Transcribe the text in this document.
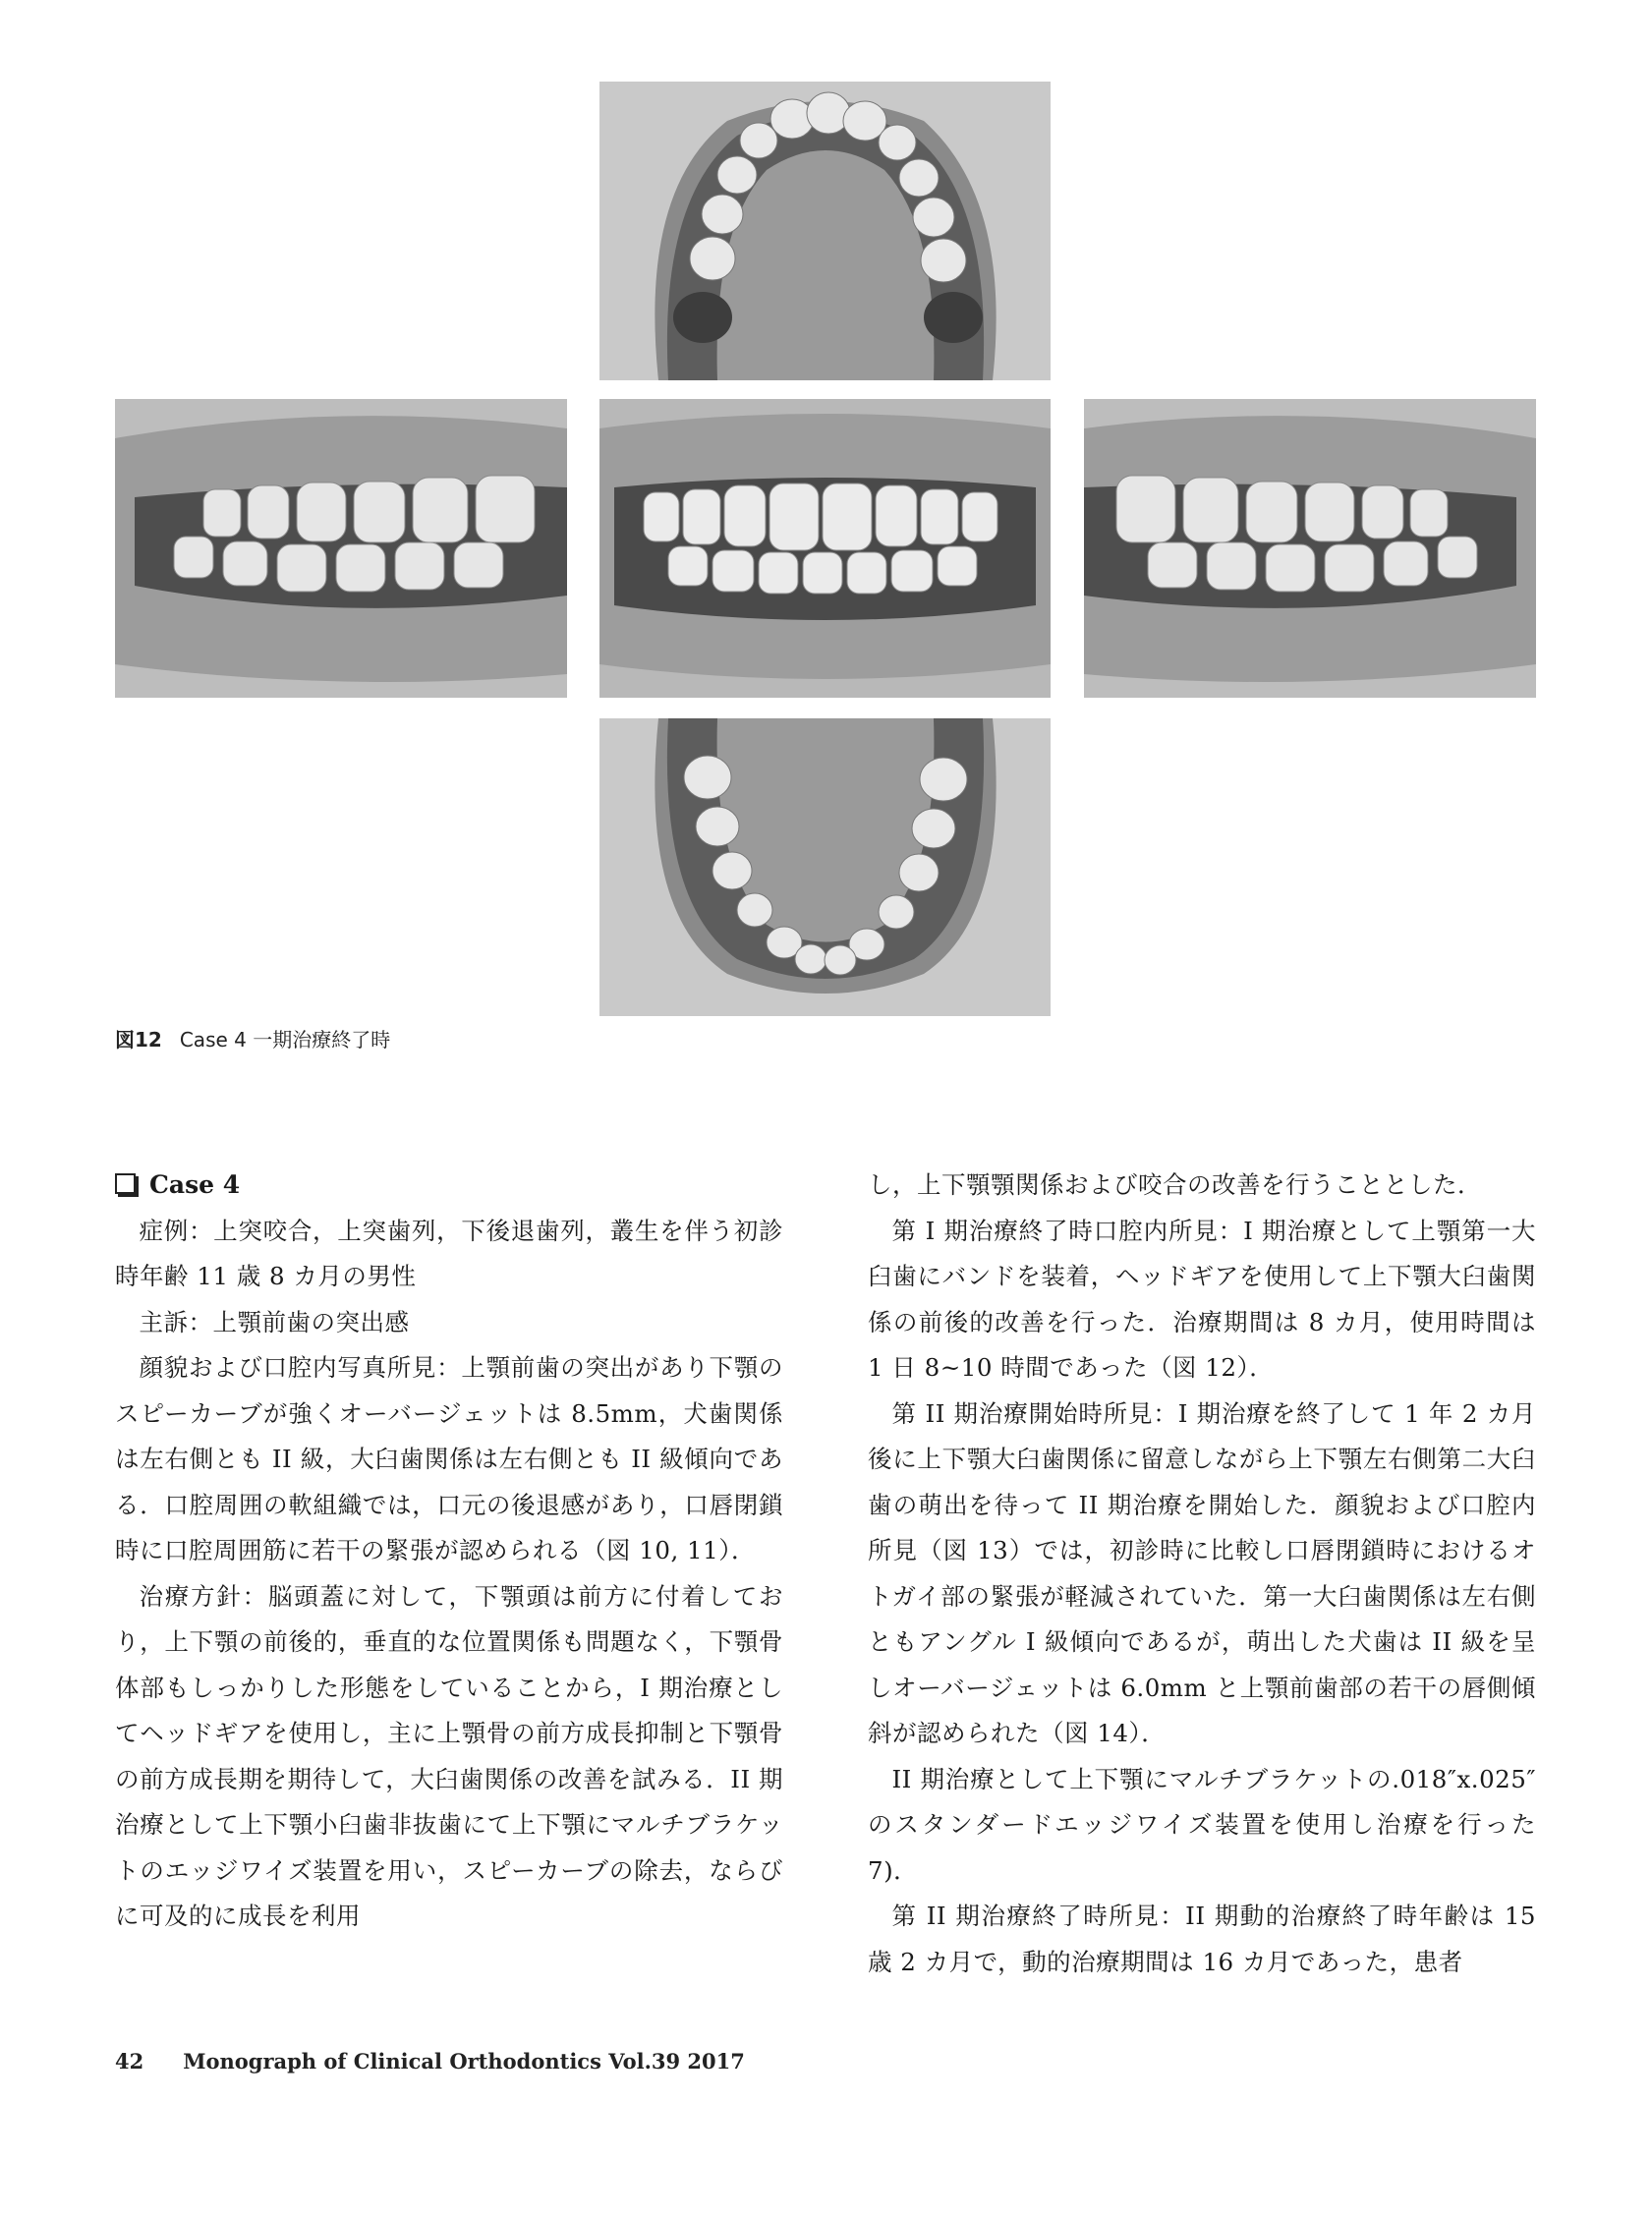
図12 Case 4 一期治療終了時
Case 4

症例：上突咬合，上突歯列，下後退歯列，叢生を伴う初診時年齢 11 歳 8 カ月の男性

主訴：上顎前歯の突出感

顔貌および口腔内写真所見：上顎前歯の突出があり下顎のスピーカーブが強くオーバージェットは 8.5mm，犬歯関係は左右側とも II 級，大臼歯関係は左右側とも II 級傾向である．口腔周囲の軟組織では，口元の後退感があり，口唇閉鎖時に口腔周囲筋に若干の緊張が認められる（図 10, 11）．

治療方針：脳頭蓋に対して，下顎頭は前方に付着しており，上下顎の前後的，垂直的な位置関係も問題なく，下顎骨体部もしっかりした形態をしていることから，I 期治療としてヘッドギアを使用し，主に上顎骨の前方成長抑制と下顎骨の前方成長期を期待して，大臼歯関係の改善を試みる．II 期治療として上下顎小臼歯非抜歯にて上下顎にマルチブラケットのエッジワイズ装置を用い，スピーカーブの除去，ならびに可及的に成長を利用

し，上下顎顎関係および咬合の改善を行うこととした．

第 I 期治療終了時口腔内所見：I 期治療として上顎第一大臼歯にバンドを装着，ヘッドギアを使用して上下顎大臼歯関係の前後的改善を行った．治療期間は 8 カ月，使用時間は 1 日 8~10 時間であった（図 12）．

第 II 期治療開始時所見：I 期治療を終了して 1 年 2 カ月後に上下顎大臼歯関係に留意しながら上下顎左右側第二大臼歯の萌出を待って II 期治療を開始した．顔貌および口腔内所見（図 13）では，初診時に比較し口唇閉鎖時におけるオトガイ部の緊張が軽減されていた．第一大臼歯関係は左右側ともアングル I 級傾向であるが，萌出した犬歯は II 級を呈しオーバージェットは 6.0mm と上顎前歯部の若干の唇側傾斜が認められた（図 14）．

II 期治療として上下顎にマルチブラケットの.018″x.025″のスタンダードエッジワイズ装置を使用し治療を行った 7)．

第 II 期治療終了時所見：II 期動的治療終了時年齢は 15 歳 2 カ月で，動的治療期間は 16 カ月であった，患者

42 Monograph of Clinical Orthodontics Vol.39 2017
